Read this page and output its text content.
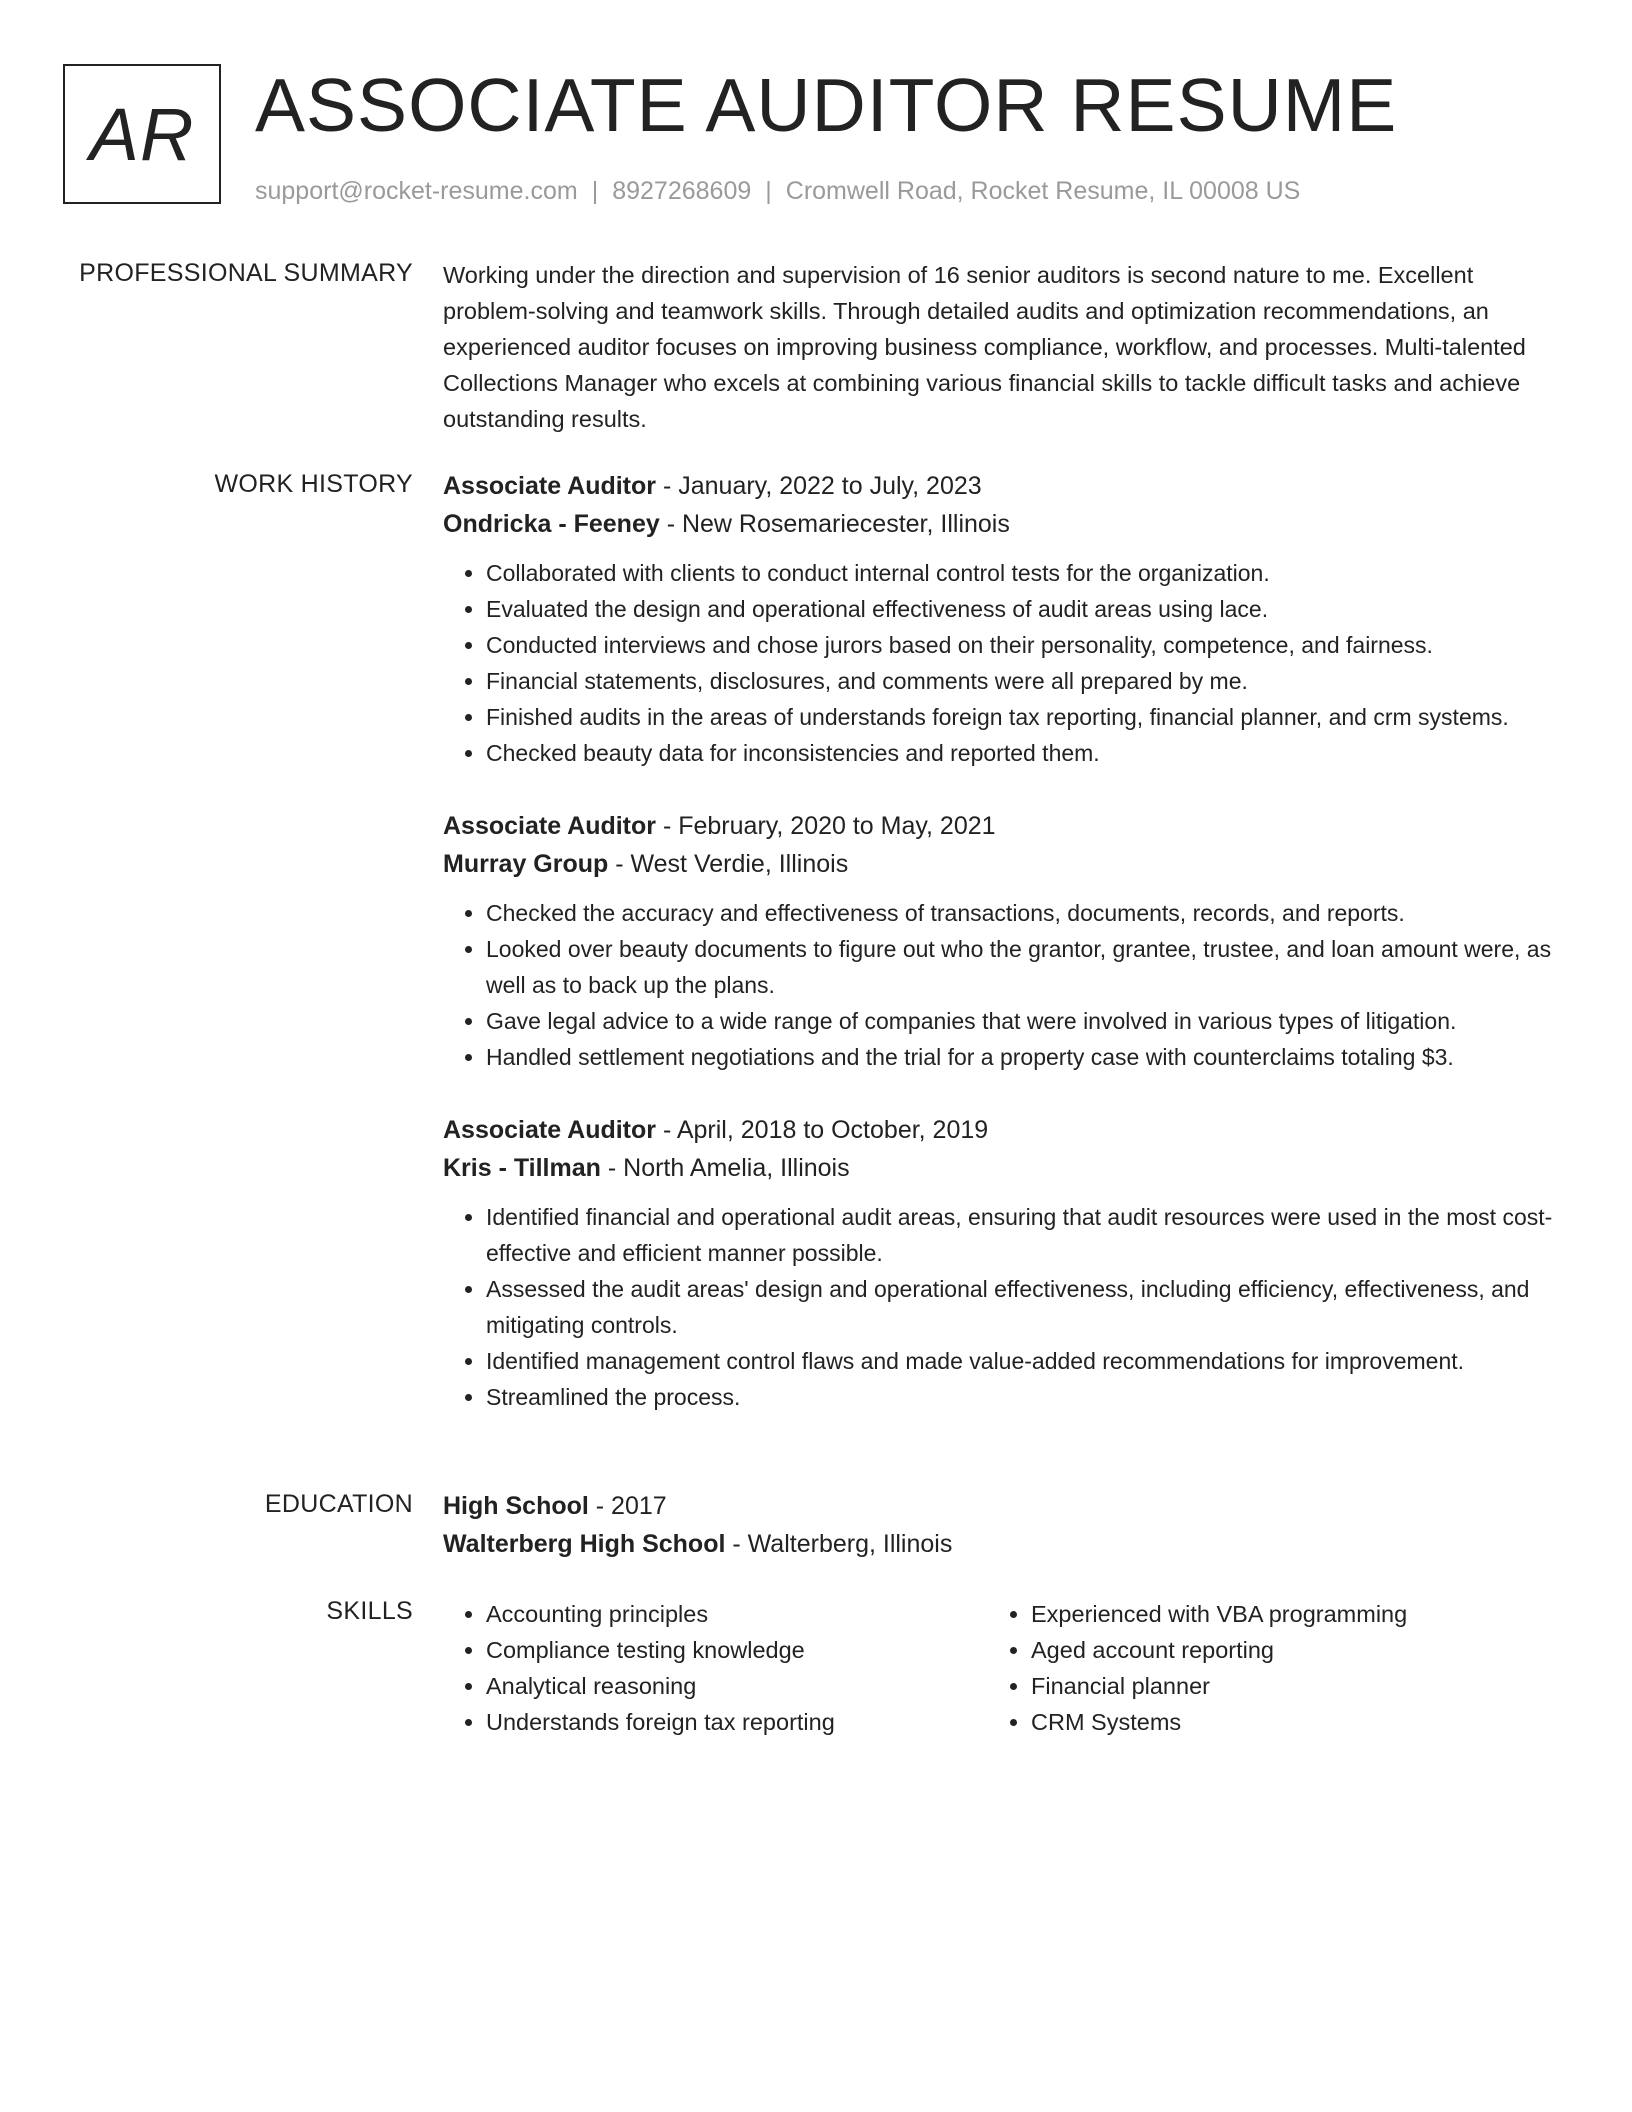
AR ASSOCIATE AUDITOR RESUME
support@rocket-resume.com | 8927268609 | Cromwell Road, Rocket Resume, IL 00008 US
PROFESSIONAL SUMMARY Working under the direction and supervision of 16 senior auditors is second nature to me. Excellent problem-solving and teamwork skills. Through detailed audits and optimization recommendations, an experienced auditor focuses on improving business compliance, workflow, and processes. Multi-talented Collections Manager who excels at combining various financial skills to tackle difficult tasks and achieve outstanding results.

WORK HISTORY Associate Auditor - January, 2022 to July, 2023
Ondricka - Feeney - New Rosemariecester, Illinois
• Collaborated with clients to conduct internal control tests for the organization.
• Evaluated the design and operational effectiveness of audit areas using lace.
• Conducted interviews and chose jurors based on their personality, competence, and fairness.
• Financial statements, disclosures, and comments were all prepared by me.
• Finished audits in the areas of understands foreign tax reporting, financial planner, and crm systems.
• Checked beauty data for inconsistencies and reported them.
Associate Auditor - February, 2020 to May, 2021
Murray Group - West Verdie, Illinois
• Checked the accuracy and effectiveness of transactions, documents, records, and reports.
• Looked over beauty documents to figure out who the grantor, grantee, trustee, and loan amount were, as well as to back up the plans.
• Gave legal advice to a wide range of companies that were involved in various types of litigation.
• Handled settlement negotiations and the trial for a property case with counterclaims totaling $3.
Associate Auditor - April, 2018 to October, 2019
Kris - Tillman - North Amelia, Illinois
• Identified financial and operational audit areas, ensuring that audit resources were used in the most cost-effective and efficient manner possible.
• Assessed the audit areas' design and operational effectiveness, including efficiency, effectiveness, and mitigating controls.
• Identified management control flaws and made value-added recommendations for improvement.
• Streamlined the process.
EDUCATION High School - 2017
Walterberg High School - Walterberg, Illinois
SKILLS
•	Accounting principles
• Compliance testing knowledge
• Analytical reasoning
• Understands foreign tax reporting
• Experienced with VBA programming
• Aged account reporting
• Financial planner
• CRM Systems
